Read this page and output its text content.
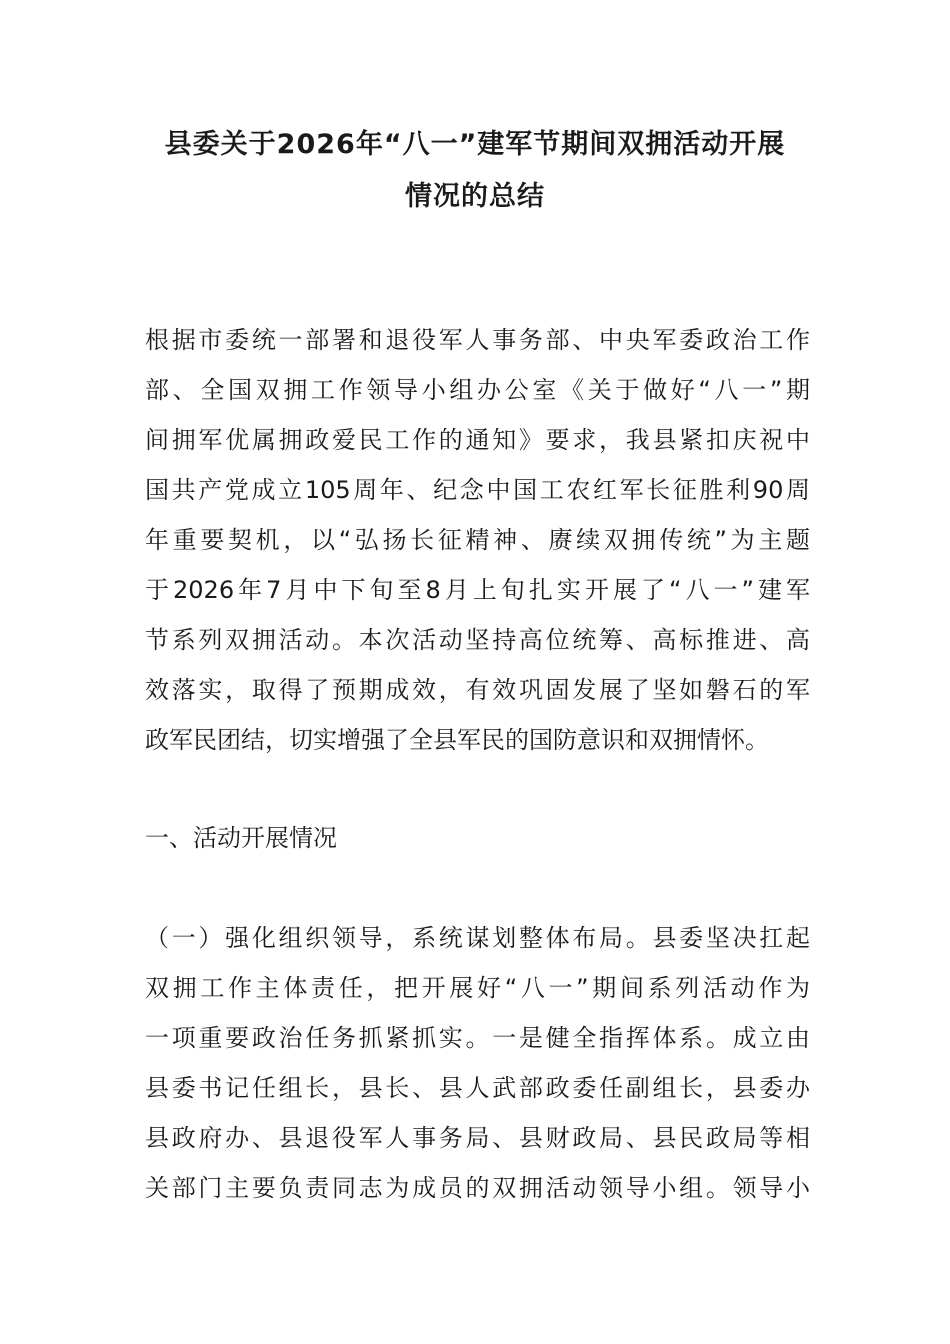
县委关于2026年“八一”建军节期间双拥活动开展
情况的总结
根据市委统一部署和退役军人事务部、中央军委政治工作
部、全国双拥工作领导小组办公室《关于做好“八一”期
间拥军优属拥政爱民工作的通知》要求，我县紧扣庆祝中
国共产党成立105周年、纪念中国工农红军长征胜利90周
年重要契机，以“弘扬长征精神、赓续双拥传统”为主题
于2026年7月中下旬至8月上旬扎实开展了“八一”建军
节系列双拥活动。本次活动坚持高位统筹、高标推进、高
效落实，取得了预期成效，有效巩固发展了坚如磐石的军
政军民团结，切实增强了全县军民的国防意识和双拥情怀。
一、活动开展情况
（一）强化组织领导，系统谋划整体布局。县委坚决扛起
双拥工作主体责任，把开展好“八一”期间系列活动作为
一项重要政治任务抓紧抓实。一是健全指挥体系。成立由
县委书记任组长，县长、县人武部政委任副组长，县委办
县政府办、县退役军人事务局、县财政局、县民政局等相
关部门主要负责同志为成员的双拥活动领导小组。领导小
